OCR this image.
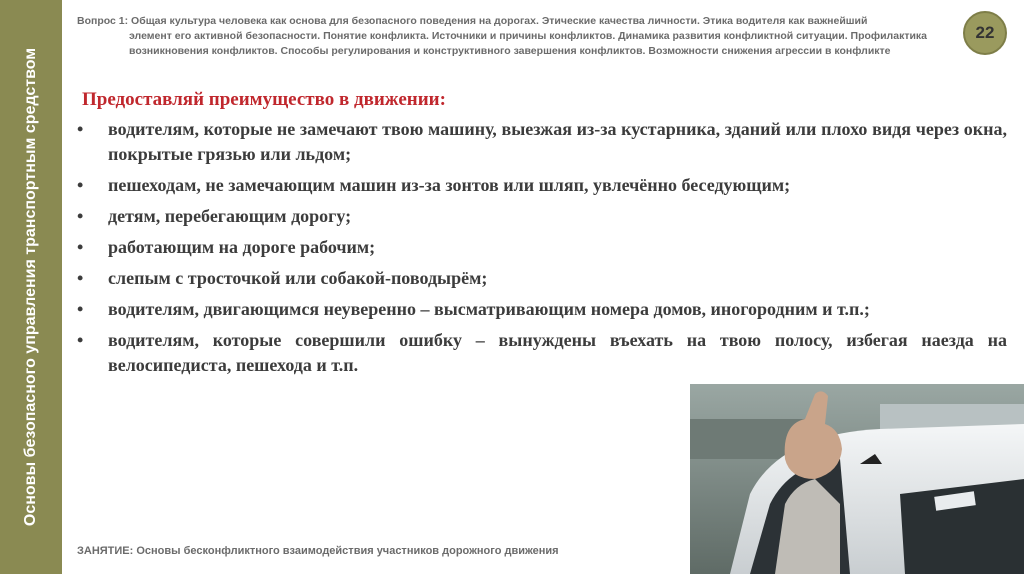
Основы безопасного управления транспортным средством
Вопрос 1: Общая культура человека как основа для безопасного поведения на дорогах. Этические качества личности. Этика водителя как важнейший
элемент его активной безопасности. Понятие конфликта. Источники и причины конфликтов. Динамика развития конфликтной ситуации. Профилактика возникновения конфликтов. Способы регулирования и конструктивного завершения конфликтов. Возможности снижения агрессии в конфликте
22
Предоставляй преимущество в движении:
• водителям, которые не замечают твою машину, выезжая из-за кустарника, зданий или плохо видя через окна, покрытые грязью или льдом;
• пешеходам, не замечающим машин из-за зонтов или шляп, увлечённо беседующим;
• детям, перебегающим дорогу;
• работающим на дороге рабочим;
• слепым с тросточкой или собакой-поводырём;
• водителям, двигающимся неуверенно – высматривающим номера домов, иногородним и т.п.;
• водителям, которые совершили ошибку – вынуждены въехать на твою полосу, избегая наезда на велосипедиста, пешехода и т.п.
ЗАНЯТИЕ: Основы бесконфликтного взаимодействия участников дорожного движения
